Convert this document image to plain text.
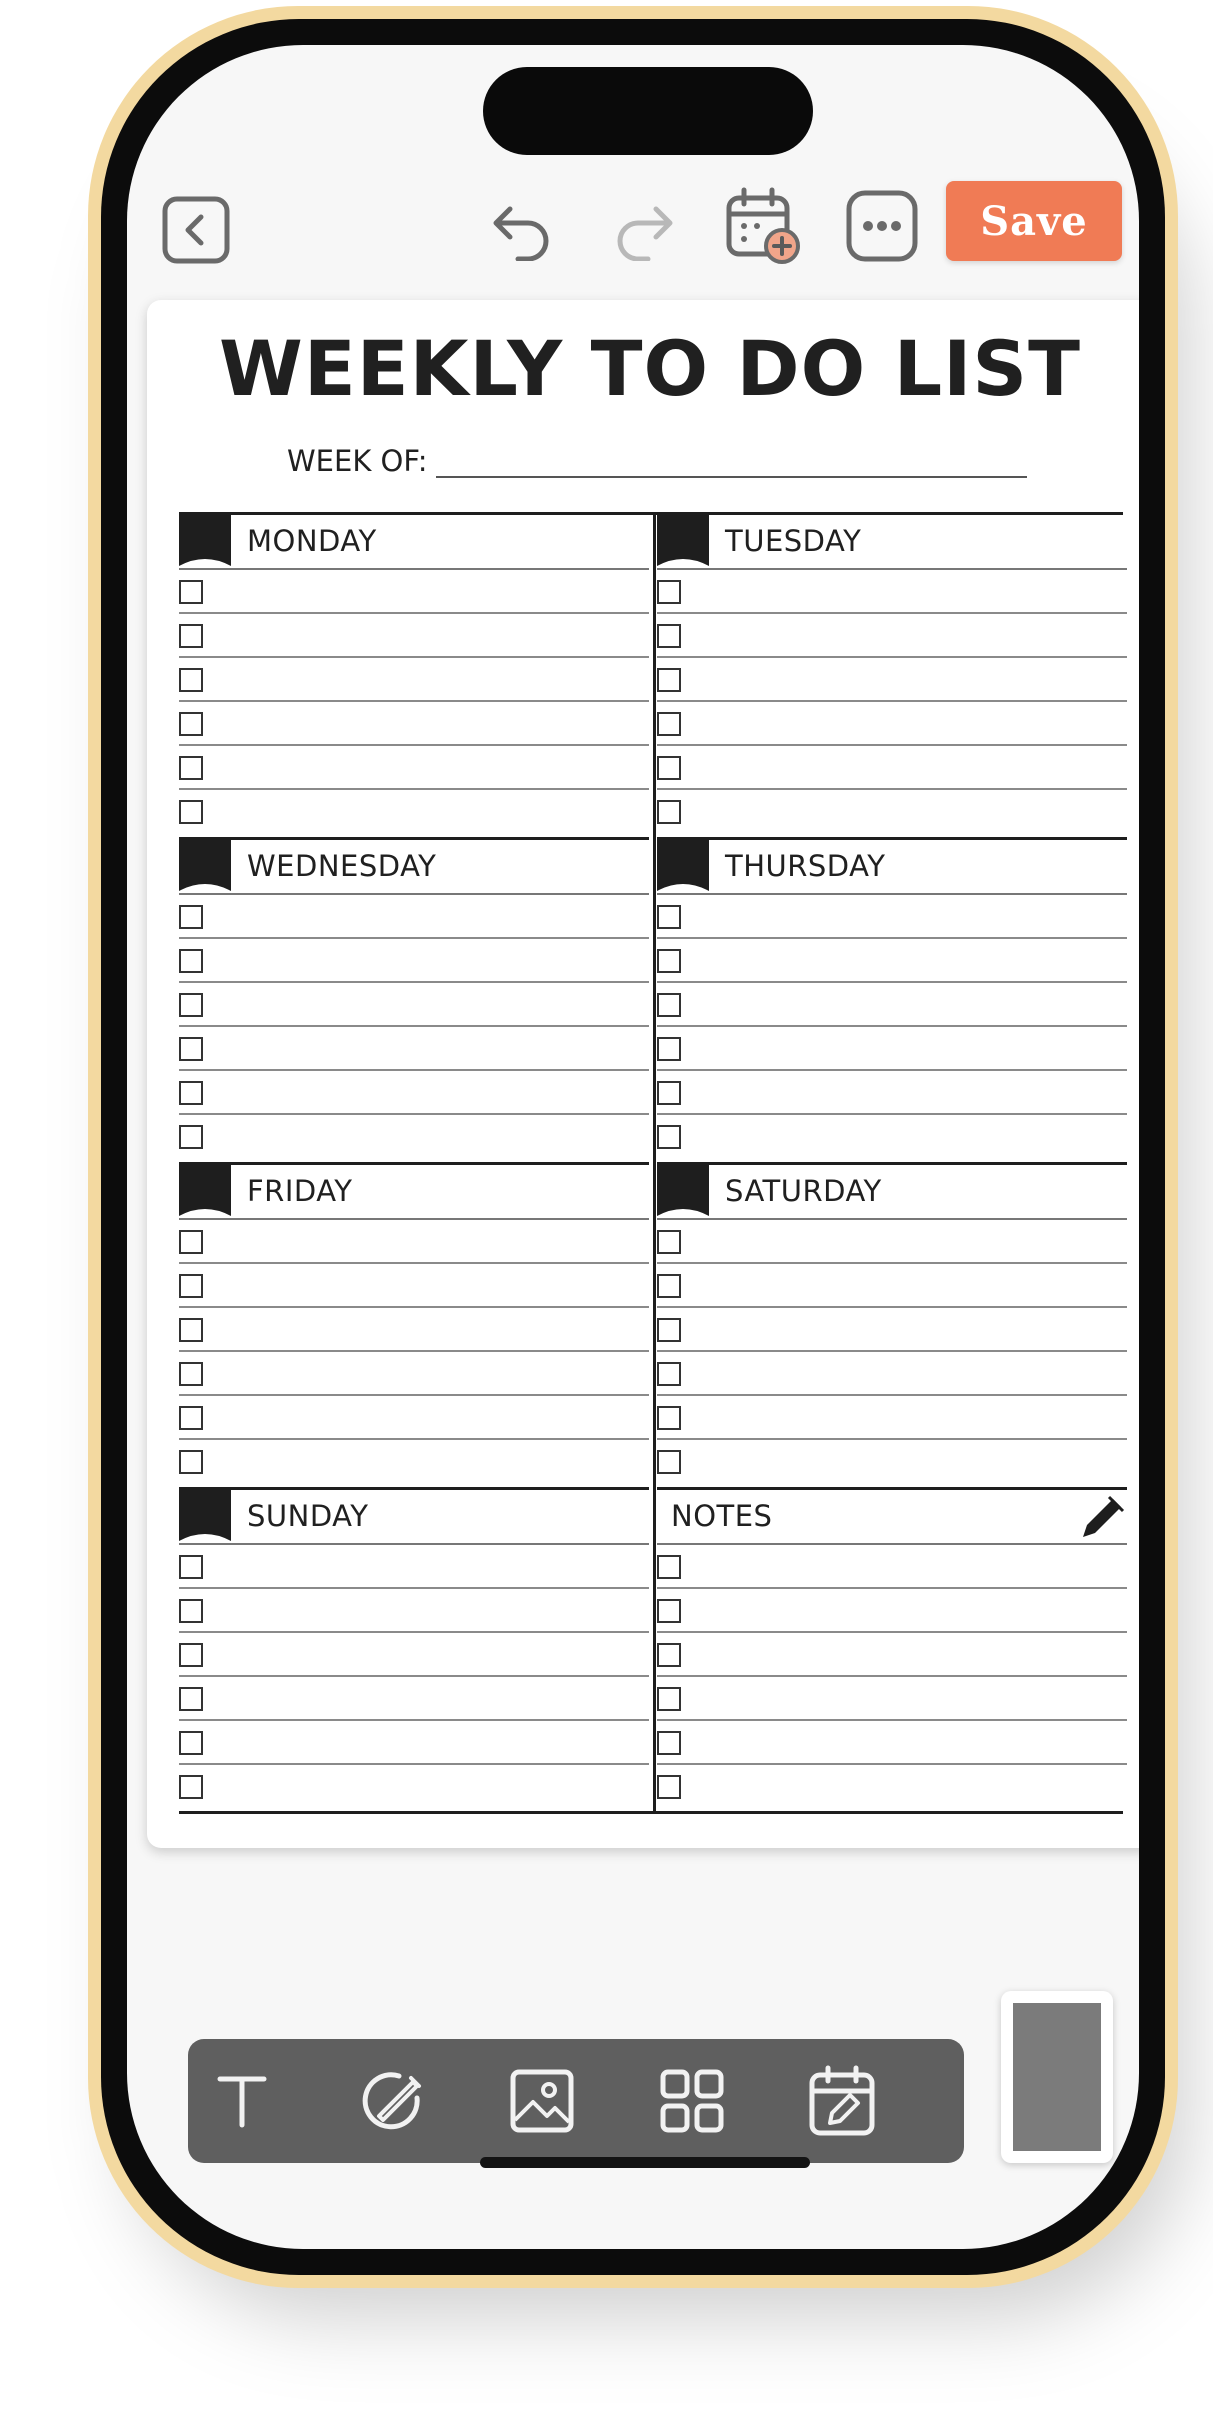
Save
WEEKLY TO DO LIST
WEEK OF:
MONDAY	TUESDAY
WEDNESDAY	THURSDAY
FRIDAY	SATURDAY
SUNDAY	NOTES
